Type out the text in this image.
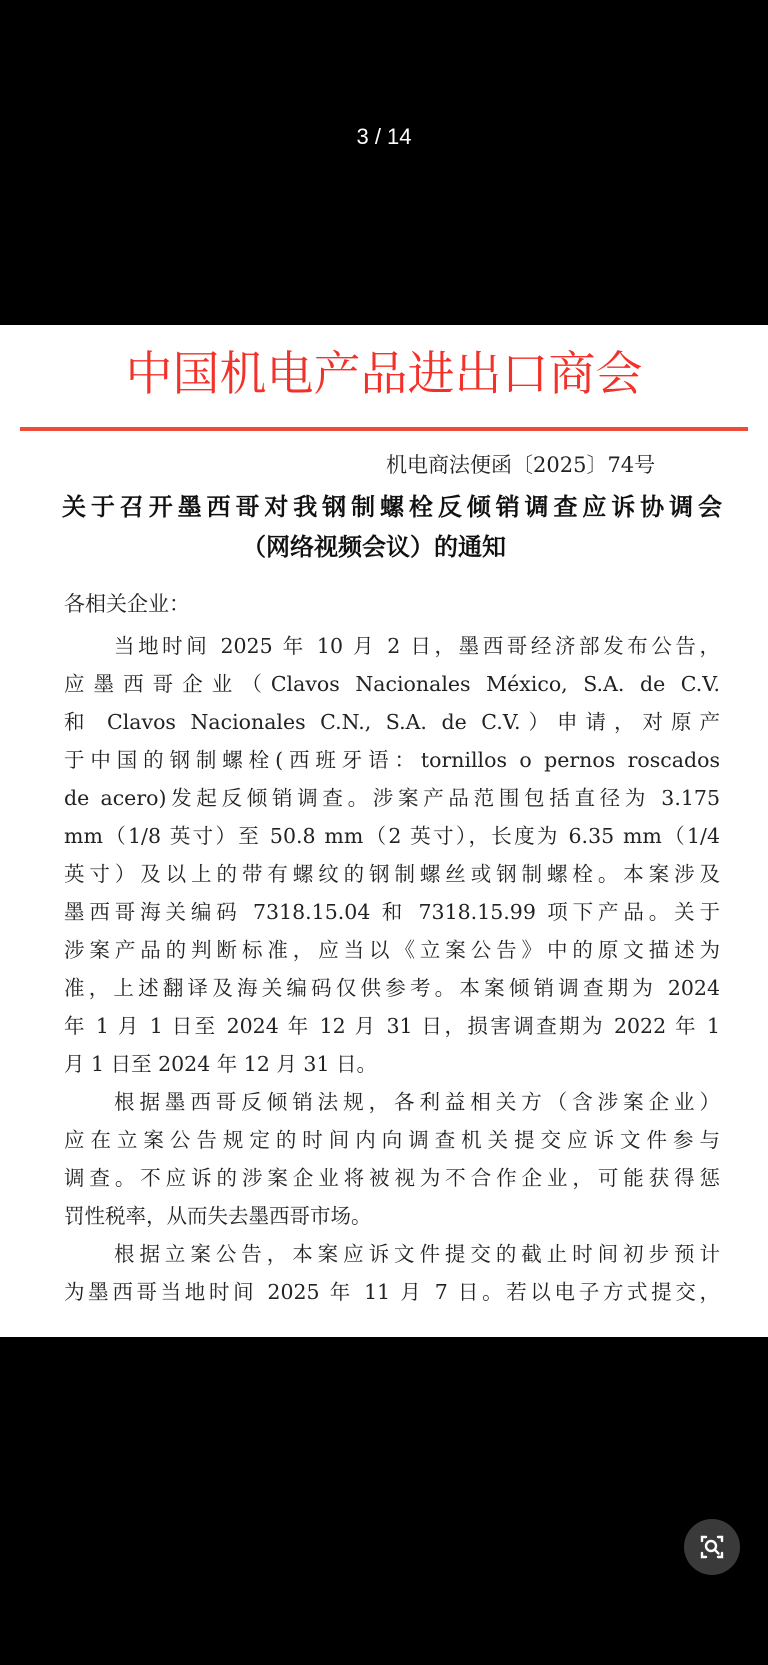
3 / 14
中国机电产品进出口商会
机电商法便函〔2025〕74号
关于召开墨西哥对我钢制螺栓反倾销调查应诉协调会
（网络视频会议）的通知
各相关企业：
当地时间 2025 年 10 月 2 日，墨西哥经济部发布公告，
应墨西哥企业（Clavos Nacionales México, S.A. de C.V.
和 Clavos Nacionales C.N., S.A. de C.V.）申请，对原产
于中国的钢制螺栓(西班牙语：tornillos o pernos roscados
de acero)发起反倾销调查。涉案产品范围包括直径为 3.175
mm（1/8 英寸）至 50.8 mm（2 英寸），长度为 6.35 mm（1/4
英寸）及以上的带有螺纹的钢制螺丝或钢制螺栓。本案涉及
墨西哥海关编码 7318.15.04 和 7318.15.99 项下产品。关于
涉案产品的判断标准，应当以《立案公告》中的原文描述为
准，上述翻译及海关编码仅供参考。本案倾销调查期为 2024
年 1 月 1 日至 2024 年 12 月 31 日，损害调查期为 2022 年 1
月 1 日至 2024 年 12 月 31 日。
根据墨西哥反倾销法规，各利益相关方（含涉案企业）
应在立案公告规定的时间内向调查机关提交应诉文件参与
调查。不应诉的涉案企业将被视为不合作企业，可能获得惩
罚性税率，从而失去墨西哥市场。
根据立案公告，本案应诉文件提交的截止时间初步预计
为墨西哥当地时间 2025 年 11 月 7 日。若以电子方式提交，
